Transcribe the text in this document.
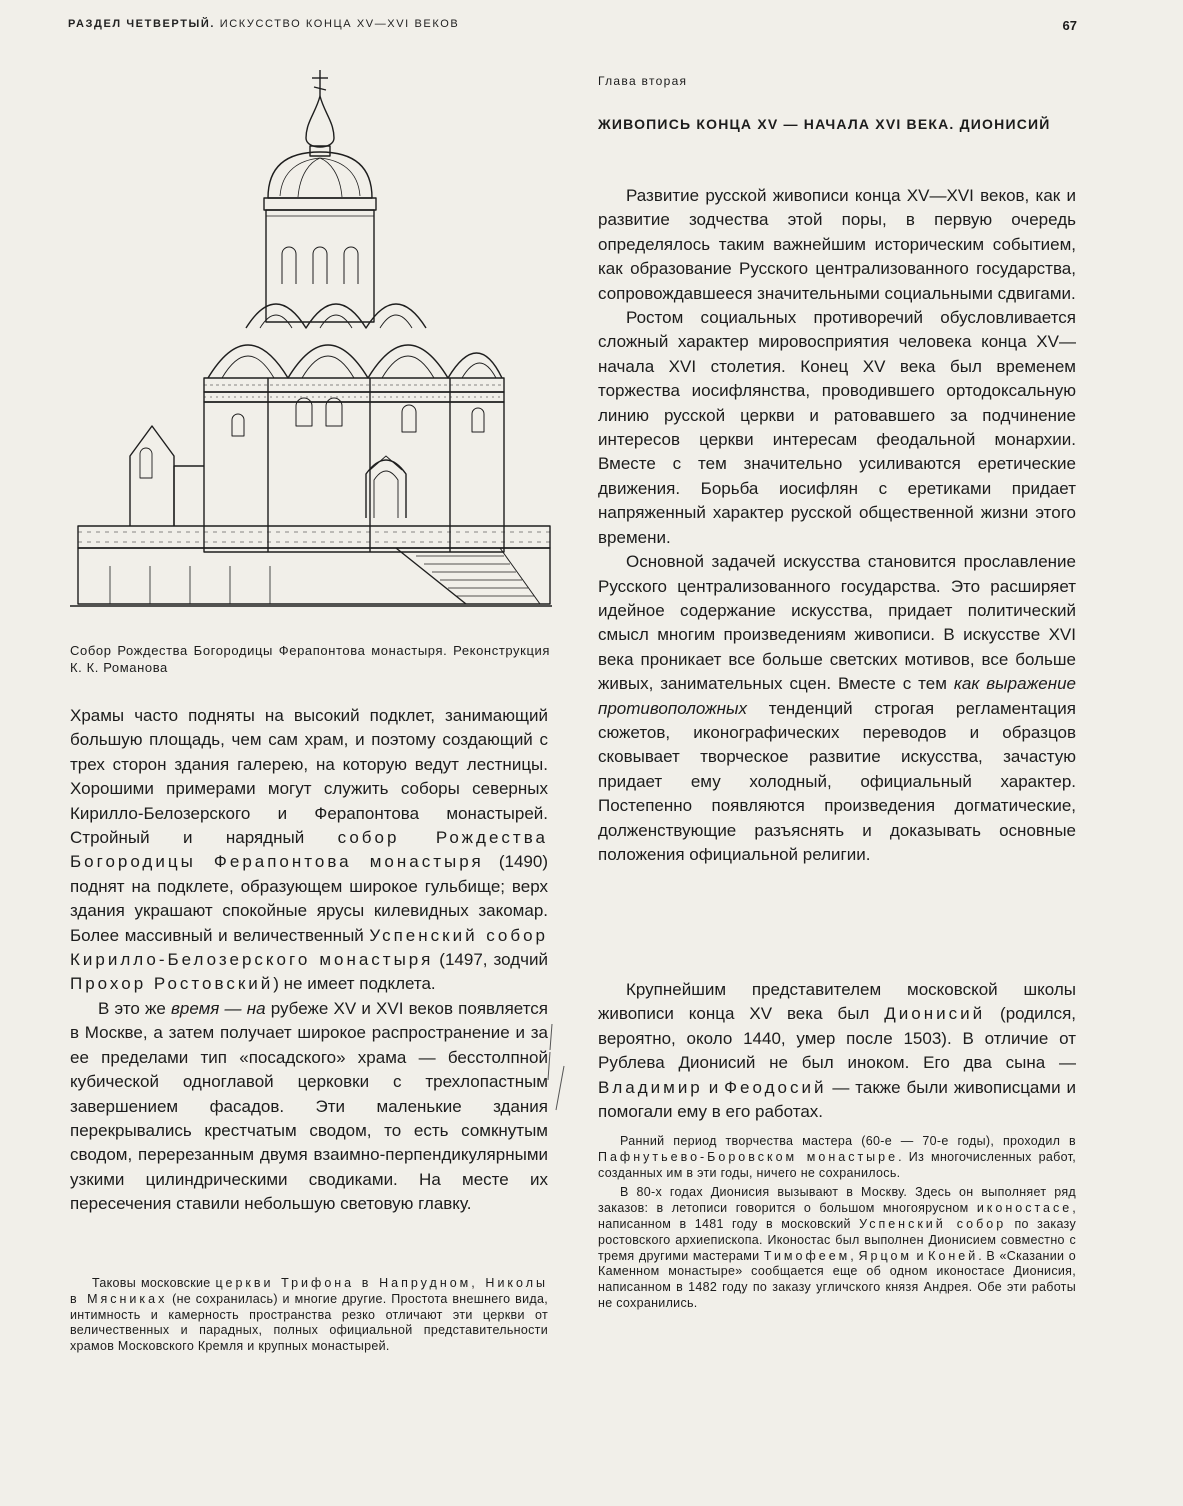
РАЗДЕЛ ЧЕТВЕРТЫЙ. ИСКУССТВО КОНЦА XV—XVI ВЕКОВ	67
Собор Рождества Богородицы Ферапонтова монастыря. Реконструкция К. К. Романова

Храмы часто подняты на высокий подклет, занимающий большую площадь, чем сам храм, и поэтому создающий с трех сторон здания галерею, на которую ведут лестницы. Хорошими примерами могут служить соборы северных Кирилло-Белозерского и Ферапонтова монастырей. Стройный и нарядный собор Рождества Богородицы Ферапонтова монастыря (1490) поднят на подклете, образующем широкое гульбище; верх здания украшают спокойные ярусы килевидных закомар. Более массивный и величественный Успенский собор Кирилло-Белозерского монастыря (1497, зодчий Прохор Ростовский) не имеет подклета.

В это же время — на рубеже XV и XVI веков появляется в Москве, а затем получает широкое распространение и за ее пределами тип «посадского» храма — бесстолпной кубической одноглавой церковки с трехлопастным завершением фасадов. Эти маленькие здания перекрывались крестчатым сводом, то есть сомкнутым сводом, перерезанным двумя взаимно-перпендикулярными узкими цилиндрическими сводиками. На месте их пересечения ставили небольшую световую главку.

Таковы московские церкви Трифона в Напрудном, Николы в Мясниках (не сохранилась) и многие другие. Простота внешнего вида, интимность и камерность пространства резко отличают эти церкви от величественных и парадных, полных официальной представительности храмов Московского Кремля и крупных монастырей.

Глава вторая
ЖИВОПИСЬ КОНЦА XV — НАЧАЛА XVI ВЕКА. ДИОНИСИЙ

Развитие русской живописи конца XV—XVI веков, как и развитие зодчества этой поры, в первую очередь определялось таким важнейшим историческим событием, как образование Русского централизованного государства, сопровождавшееся значительными социальными сдвигами.

Ростом социальных противоречий обусловливается сложный характер мировосприятия человека конца XV— начала XVI столетия. Конец XV века был временем торжества иосифлянства, проводившего ортодоксальную линию русской церкви и ратовавшего за подчинение интересов церкви интересам феодальной монархии. Вместе с тем значительно усиливаются еретические движения. Борьба иосифлян с еретиками придает напряженный характер русской общественной жизни этого времени.

Основной задачей искусства становится прославление Русского централизованного государства. Это расширяет идейное содержание искусства, придает политический смысл многим произведениям живописи. В искусстве XVI века проникает все больше светских мотивов, все больше живых, занимательных сцен. Вместе с тем как выражение противоположных тенденций строгая регламентация сюжетов, иконографических переводов и образцов сковывает творческое развитие искусства, зачастую придает ему холодный, официальный характер. Постепенно появляются произведения догматические, долженствующие разъяснять и доказывать основные положения официальной религии.

Крупнейшим представителем московской школы живописи конца XV века был Дионисий (родился, вероятно, около 1440, умер после 1503). В отличие от Рублева Дионисий не был иноком. Его два сына — Владимир и Феодосий — также были живописцами и помогали ему в его работах.

Ранний период творчества мастера (60-е — 70-е годы), проходил в Пафнутьево-Боровском монастыре. Из многочисленных работ, созданных им в эти годы, ничего не сохранилось.

В 80-х годах Дионисия вызывают в Москву. Здесь он выполняет ряд заказов: в летописи говорится о большом многоярусном иконостасе, написанном в 1481 году в московский Успенский собор по заказу ростовского архиепископа. Иконостас был выполнен Дионисием совместно с тремя другими мастерами Тимофеем, Ярцом и Коней. В «Сказании о Каменном монастыре» сообщается еще об одном иконостасе Дионисия, написанном в 1482 году по заказу угличского князя Андрея. Обе эти работы не сохранились.
